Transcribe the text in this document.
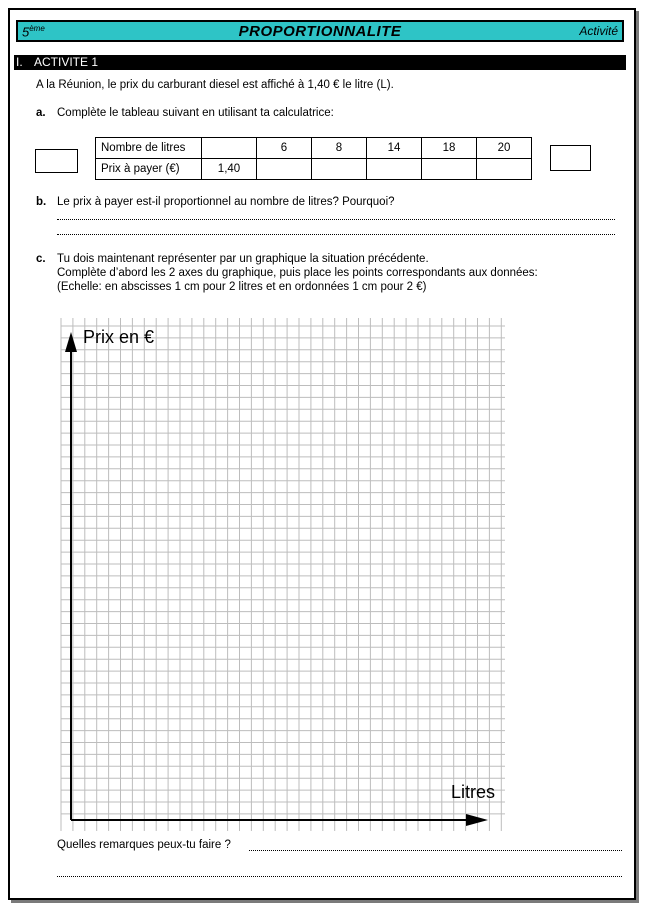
5ème	PROPORTIONNALITE	Activité
I. ACTIVITE 1
A la Réunion, le prix du carburant diesel est affiché à 1,40 € le litre (L).
a. Complète le tableau suivant en utilisant ta calculatrice:
Nombre de litres		6	8	14	18	20
Prix à payer (€)	1,40					
b. Le prix à payer est-il proportionnel au nombre de litres? Pourquoi?
c. Tu dois maintenant représenter par un graphique la situation précédente.
Complète d’abord les 2 axes du graphique, puis place les points correspondants aux données:
(Echelle: en abscisses 1 cm pour 2 litres et en ordonnées 1 cm pour 2 €)
Prix en €
Litres
Quelles remarques peux-tu faire ?
